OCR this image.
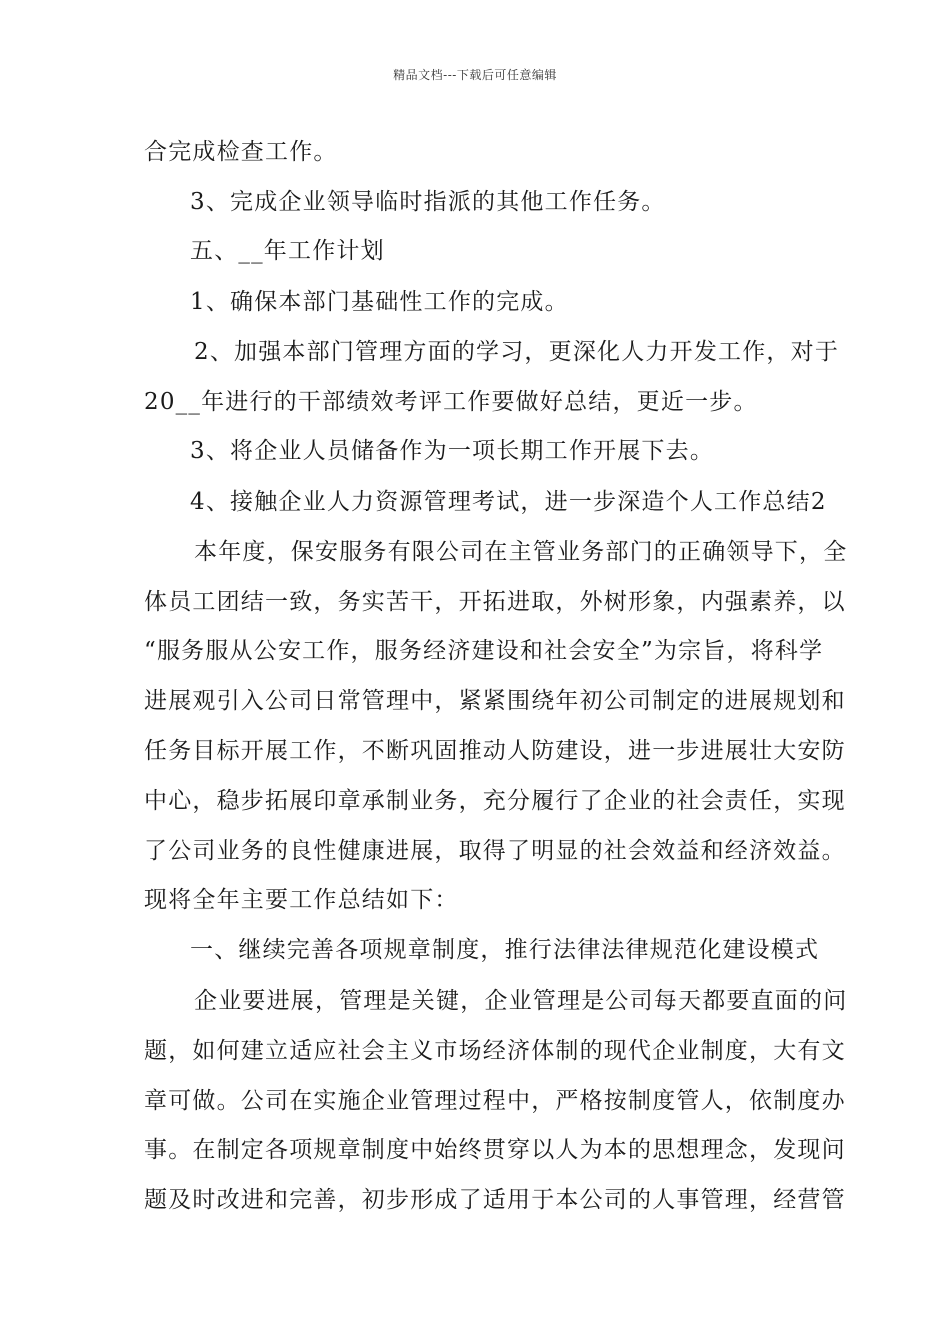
精品文档---下载后可任意编辑
合完成检查工作。
3、完成企业领导临时指派的其他工作任务。
五、__年工作计划
1、确保本部门基础性工作的完成。
2、加强本部门管理方面的学习，更深化人力开发工作，对于
20__年进行的干部绩效考评工作要做好总结，更近一步。
3、将企业人员储备作为一项长期工作开展下去。
4、接触企业人力资源管理考试，进一步深造个人工作总结2
本年度，保安服务有限公司在主管业务部门的正确领导下，全
体员工团结一致，务实苦干，开拓进取，外树形象，内强素养，以
“服务服从公安工作，服务经济建设和社会安全”为宗旨，将科学
进展观引入公司日常管理中，紧紧围绕年初公司制定的进展规划和
任务目标开展工作，不断巩固推动人防建设，进一步进展壮大安防
中心，稳步拓展印章承制业务，充分履行了企业的社会责任，实现
了公司业务的良性健康进展，取得了明显的社会效益和经济效益。
现将全年主要工作总结如下：
一、继续完善各项规章制度，推行法律法律规范化建设模式
企业要进展，管理是关键，企业管理是公司每天都要直面的问
题，如何建立适应社会主义市场经济体制的现代企业制度，大有文
章可做。公司在实施企业管理过程中，严格按制度管人，依制度办
事。在制定各项规章制度中始终贯穿以人为本的思想理念，发现问
题及时改进和完善，初步形成了适用于本公司的人事管理，经营管
